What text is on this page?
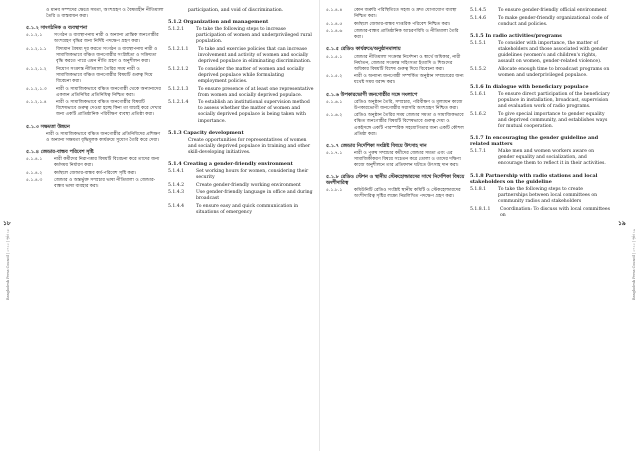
Bangladesh Press Council | ২০২২ | পৃষ্ঠা ১৮
১৮
ও মানব সম্পদের ক্ষেত্রে সমতা, অংশগ্রহণ ও বৈষম্যহীন নীতিমালা তৈরি ও বাস্তবায়ন করা।
৫.১.২ সাংগঠনিক ও ব্যবস্থাপনা
৫.১.২.১	সংগঠন ও ব্যবস্থাপনায় নারী ও অন্যান্য প্রান্তিক জনগোষ্ঠীর অংশগ্রহণ বৃদ্ধির জন্য নির্দিষ্ট পদক্ষেপ গ্রহণ করা।
৫.১.২.১.১	বিদ্যমান বৈষম্য দূর করতে সংগঠন ও ব্যবস্থাপনায় নারী ও সামাজিকভাবে বঞ্চিত জনগোষ্ঠীর সংশ্লিষ্টতা ও সক্রিয়তা বৃদ্ধি করতে পারে এমন নীতি গ্রহণ ও অনুশীলন করা।
৫.১.২.১.২	নিয়োগ সংক্রান্ত নীতিমালা তৈরির সময় নারী ও সামাজিকভাবে বঞ্চিত জনগোষ্ঠীর বিষয়টি গুরুত্ব দিয়ে বিবেচনা করা।
৫.১.২.১.৩	নারী ও সামাজিকভাবে বঞ্চিত জনগোষ্ঠী থেকে অন্যান্যদের একজন প্রতিনিধির প্রতিনিধিত্ব নিশ্চিত করা।
৫.১.২.১.৪	নারী ও সামাজিকভাবে বঞ্চিত জনগোষ্ঠীর বিষয়টি বিশেষভাবে গুরুত্ব দেওয়া হচ্ছে কিনা তা যাচাই করে দেখার জন্য একটি প্রাতিষ্ঠানিক পরিবীক্ষণ ব্যবস্থা প্রতিষ্ঠা করা।
৫.১.৩ সক্ষমতা উন্নয়ন
নারী ও সামাজিকভাবে বঞ্চিত জনগোষ্ঠীর প্রতিনিধিদের প্রশিক্ষণ ও অন্যান্য সক্ষমতা বৃদ্ধিমূলক কার্যক্রমে সুযোগ তৈরি করে দেয়া।
৫.১.৪ জেন্ডার-বান্ধব পরিবেশ সৃষ্টি
৫.১.৪.১	নারী কর্মীদের নিরাপত্তার বিষয়টি বিবেচনা করে তাদের জন্য কর্মসময় নির্ধারণ করা।
৫.১.৪.২	কর্মস্থলে জেন্ডার-বান্ধব কর্ম-পরিবেশ সৃষ্টি করা।
৫.১.৪.৩	জেন্ডার ও অন্তর্ভুক্ত সম্প্রচার ভাষা নীতিমালা ও জেন্ডার-বান্ধব ভাষা ব্যবহার করা।
participation, and void of discrimination.
5.1.2 Organization and management
5.1.2.1	To take the following steps to increase participation of women and underprivileged rural population.
5.1.2.1.1	To take and exercise policies that can increase involvement and activity of women and socially deprived populace in eliminating discrimination.
5.1.2.1.2	To consider the matter of women and socially deprived populace while formulating employment policies.
5.1.2.1.3	To ensure presence of at least one representative from women and socially deprived populace.
5.1.2.1.4	To establish an institutional supervision method to assess whether the matter of women and socially deprived populace is being taken with importance.
5.1.3 Capacity development
Create opportunities for representatives of women and socially deprived populace in training and other skill-developing initiatives.
5.1.4 Creating a gender-friendly environment
5.1.4.1	Set working hours for women, considering their security
5.1.4.2	Create gender-friendly working environment
5.1.4.3	Use gender-friendly language in office and during broadcast
5.1.4.4	To ensure easy and quick communication in situations of emergency
৫.১.৪.৪	কোন জরুরি পরিস্থিতিতে সহজ ও দ্রুত যোগাযোগ ব্যবস্থা নিশ্চিত করা।
৫.১.৪.৫	কর্মস্থলে জেন্ডার-বান্ধব দাপ্তরিক পরিবেশ নিশ্চিত করা।
৫.১.৪.৬	জেন্ডার-বান্ধব প্রাতিষ্ঠানিক আচরণবিধি ও নীতিমালা তৈরি করা।
৫.১.৫ রেডিও কার্যক্রমে/অনুষ্ঠানমালায়
৫.১.৫.১	জেন্ডার নীতিমালা সংক্রান্ত নির্দেশনা ও স্বার্থে অধিকার, নারী নির্যাতন, জেন্ডার সংক্রান্ত সহিংসতা ইত্যাদি ও শিশুদের অধিকার বিষয়টি বিশেষ গুরুত্ব দিয়ে বিবেচনা করা।
৫.১.৫.২	নারী ও অন্যান্য জনগোষ্ঠী সম্পর্কিত অনুষ্ঠান সম্প্রচারের জন্য যথেষ্ট সময় বরাদ্দ করা।
৫.১.৬ উপকারভোগী জনগোষ্ঠীর সঙ্গে সংলাপে
৫.১.৬.১	রেডিও অনুষ্ঠান তৈরি, সম্প্রচার, পরিবীক্ষণ ও মূল্যায়ন কাজে উপকারভোগী জনগোষ্ঠীর সরাসরি অংশগ্রহণ নিশ্চিত করা।
৫.১.৬.২	রেডিও অনুষ্ঠান তৈরির সময় জেন্ডার সমতা ও সামাজিকভাবে বঞ্চিত জনগোষ্ঠীর বিষয়টি বিশেষভাবে গুরুত্ব দেয়া ও একইসঙ্গে একটি পারস্পরিক সহযোগিতার জন্য একটি কৌশল প্রতিষ্ঠা করা।
৫.১.৭ জেন্ডার নির্দেশিকা সংশ্লিষ্ট বিষয়ে উৎসাহ দান
৫.১.৭.১	নারী ও পুরুষ সম্প্রচার কর্মীদের জেন্ডার সমতা এবং এর সামাজিকীকরণ বিষয়ে সচেতন করে তোলা ও তাদের দক্ষিণ্য কাজে অনুশীলনে তার প্রতিফলন ঘটাতে উৎসাহ দান করা।
৫.১.৮ রেডিও স্টেশন ও স্থানীয় স্টেকহোল্ডারদের সাথে নির্দেশিকা বিষয়ে অংশীদারিত্ব
৫.১.৮.১	কমিউনিটি রেডিও সংশ্লিষ্ট স্থানীয় কমিটি ও স্টেকহোল্ডারদের অংশীদারিত্ব সৃষ্টির লক্ষ্যে নিম্নলিখিত পদক্ষেপ গ্রহণ করা।
5.1.4.5	To ensure gender-friendly official environment
5.1.4.6	To make gender-friendly organizational code of conduct and policies.
5.1.5 In radio activities/programs
5.1.5.1	To consider with importance, the matter of stakeholders and those associated with gender guidelines (women's and children's rights, assault on women, gender-related violence).
5.1.5.2	Allocate enough time to broadcast programs on women and underprivileged populace.
5.1.6 In dialogue with beneficiary populace
5.1.6.1	To ensure direct participation of the beneficiary populace in installation, broadcast, supervision and evaluation work of radio programs.
5.1.6.2	To give special importance to gender equality and deprived community, and establishes ways for mutual cooperation.
5.1.7 In encouraging the gender guideline and related matters
5.1.7.1	Make men and women workers aware on gender equality and socialization, and encourage them to reflect it in their activities.
5.1.8 Partnership with radio stations and local stakeholders on the guideline
5.1.8.1	To take the following steps to create partnerships between local committees on community radios and stakeholders
5.1.8.1.1	Coordination: To discuss with local committees on
১৯
Bangladesh Press Council | ২০২২ | পৃষ্ঠা ১৯
